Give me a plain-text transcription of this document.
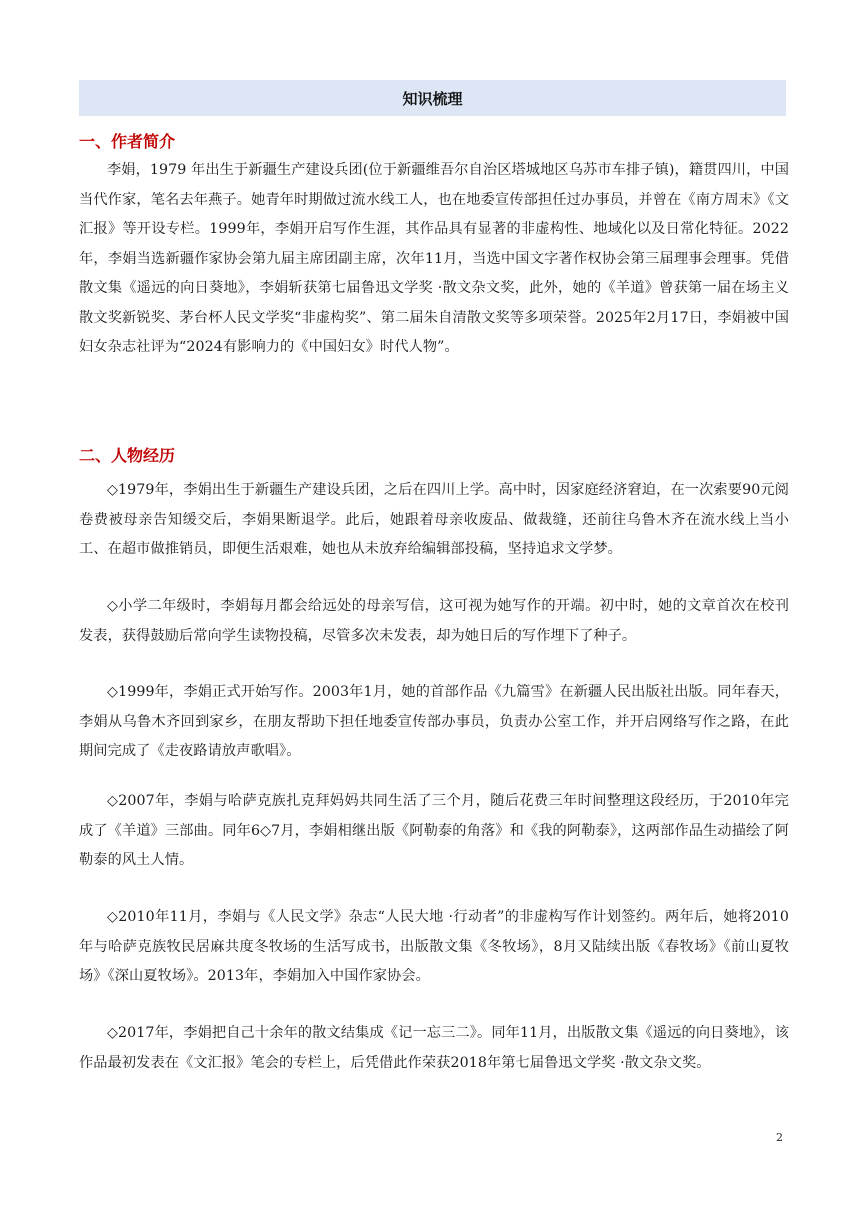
知识梳理
一、作者简介
李娟，1979 年出生于新疆生产建设兵团(位于新疆维吾尔自治区塔城地区乌苏市车排子镇)，籍贯四川，中国当代作家，笔名去年燕子。她青年时期做过流水线工人，也在地委宣传部担任过办事员，并曾在《南方周末》《文汇报》等开设专栏。1999年，李娟开启写作生涯，其作品具有显著的非虚构性、地域化以及日常化特征。2022年，李娟当选新疆作家协会第九届主席团副主席，次年11月，当选中国文字著作权协会第三届理事会理事。凭借散文集《遥远的向日葵地》，李娟斩获第七届鲁迅文学奖 ·散文杂文奖，此外，她的《羊道》曾获第一届在场主义散文奖新锐奖、茅台杯人民文学奖“非虚构奖”、第二届朱自清散文奖等多项荣誉。2025年2月17日，李娟被中国妇女杂志社评为“2024有影响力的《中国妇女》时代人物”。
二、人物经历
◇1979年，李娟出生于新疆生产建设兵团，之后在四川上学。高中时，因家庭经济窘迫，在一次索要90元阅卷费被母亲告知缓交后，李娟果断退学。此后，她跟着母亲收废品、做裁缝，还前往乌鲁木齐在流水线上当小工、在超市做推销员，即便生活艰难，她也从未放弃给编辑部投稿，坚持追求文学梦。
◇小学二年级时，李娟每月都会给远处的母亲写信，这可视为她写作的开端。初中时，她的文章首次在校刊发表，获得鼓励后常向学生读物投稿，尽管多次未发表，却为她日后的写作埋下了种子。
◇1999年，李娟正式开始写作。2003年1月，她的首部作品《九篇雪》在新疆人民出版社出版。同年春天，李娟从乌鲁木齐回到家乡，在朋友帮助下担任地委宣传部办事员，负责办公室工作，并开启网络写作之路，在此期间完成了《走夜路请放声歌唱》。
◇2007年，李娟与哈萨克族扎克拜妈妈共同生活了三个月，随后花费三年时间整理这段经历，于2010年完成了《羊道》三部曲。同年6◇7月，李娟相继出版《阿勒泰的角落》和《我的阿勒泰》，这两部作品生动描绘了阿勒泰的风土人情。
◇2010年11月，李娟与《人民文学》杂志“人民大地 ·行动者”的非虚构写作计划签约。两年后，她将2010年与哈萨克族牧民居麻共度冬牧场的生活写成书，出版散文集《冬牧场》，8月又陆续出版《春牧场》《前山夏牧场》《深山夏牧场》。2013年，李娟加入中国作家协会。
◇2017年，李娟把自己十余年的散文结集成《记一忘三二》。同年11月，出版散文集《遥远的向日葵地》，该作品最初发表在《文汇报》笔会的专栏上，后凭借此作荣获2018年第七届鲁迅文学奖 ·散文杂文奖。
2
